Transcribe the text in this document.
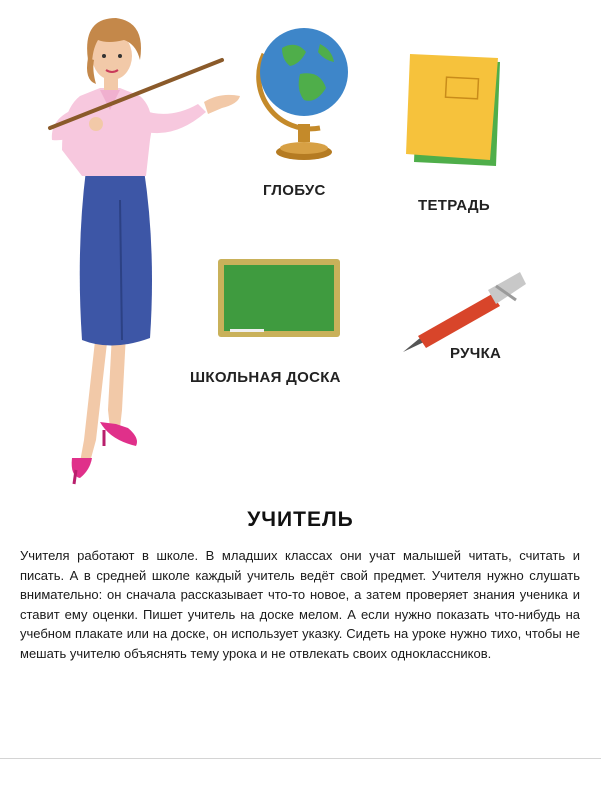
ГЛОБУС
ТЕТРАДЬ
ШКОЛЬНАЯ ДОСКА
РУЧКА
УЧИТЕЛЬ

Учителя работают в школе. В младших классах они учат малышей читать, считать и писать. А в средней школе каждый учитель ведёт свой предмет. Учителя нужно слушать внимательно: он сначала рассказывает что-то новое, а затем проверяет знания ученика и ставит ему оценки. Пишет учитель на доске мелом. А если нужно показать что-нибудь на учебном плакате или на доске, он использует указку. Сидеть на уроке нужно тихо, чтобы не мешать учителю объяснять тему урока и не отвлекать своих одноклассников.
